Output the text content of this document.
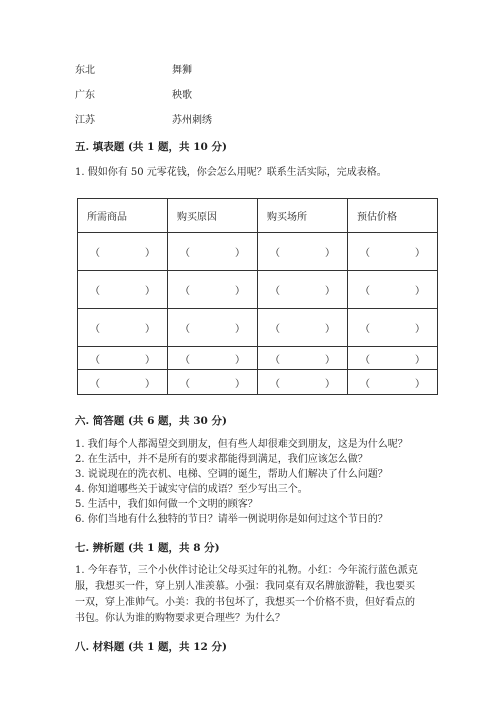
东北	舞狮
广东	秧歌
江苏	苏州刺绣
五. 填表题 (共 1 题，共 10 分)
1. 假如你有 50 元零花钱，你会怎么用呢？联系生活实际，完成表格。
所需商品	购买原因	购买场所	预估价格

（ ）	（ ）	（ ）	（ ）

（ ）	（ ）	（ ）	（ ）

（ ）	（ ）	（ ）	（ ）

（ ）	（ ）	（ ）	（ ）

（ ）	（ ）	（ ）	（ ）
六. 简答题 (共 6 题，共 30 分)
1. 我们每个人都渴望交到朋友，但有些人却很难交到朋友，这是为什么呢？
2. 在生活中，并不是所有的要求都能得到满足，我们应该怎么做？
3. 说说现在的洗衣机、电梯、空调的诞生，帮助人们解决了什么问题？
4. 你知道哪些关于诚实守信的成语？至少写出三个。
5. 生活中，我们如何做一个文明的顾客？
6. 你们当地有什么独特的节日？请举一例说明你是如何过这个节日的？
七. 辨析题 (共 1 题，共 8 分)
1. 今年春节，三个小伙伴讨论让父母买过年的礼物。小红：今年流行蓝色派克
服，我想买一件，穿上别人准羡慕。小强：我同桌有双名牌旅游鞋，我也要买
一双，穿上准帅气。小美：我的书包坏了，我想买一个价格不贵，但好看点的
书包。你认为谁的购物要求更合理些？为什么？
八. 材料题 (共 1 题，共 12 分)
